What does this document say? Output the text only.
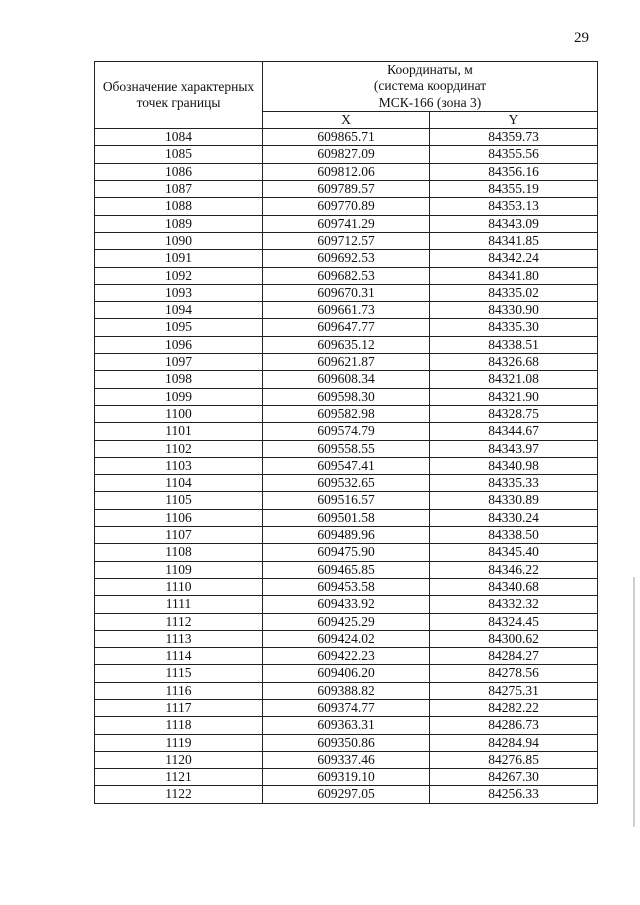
29
Обозначение характерных точек границы	Координаты, м
(система координат
МСК-166 (зона 3)	
	X	Y
1084	609865.71	84359.73
1085	609827.09	84355.56
1086	609812.06	84356.16
1087	609789.57	84355.19
1088	609770.89	84353.13
1089	609741.29	84343.09
1090	609712.57	84341.85
1091	609692.53	84342.24
1092	609682.53	84341.80
1093	609670.31	84335.02
1094	609661.73	84330.90
1095	609647.77	84335.30
1096	609635.12	84338.51
1097	609621.87	84326.68
1098	609608.34	84321.08
1099	609598.30	84321.90
1100	609582.98	84328.75
1101	609574.79	84344.67
1102	609558.55	84343.97
1103	609547.41	84340.98
1104	609532.65	84335.33
1105	609516.57	84330.89
1106	609501.58	84330.24
1107	609489.96	84338.50
1108	609475.90	84345.40
1109	609465.85	84346.22
1110	609453.58	84340.68
1111	609433.92	84332.32
1112	609425.29	84324.45
1113	609424.02	84300.62
1114	609422.23	84284.27
1115	609406.20	84278.56
1116	609388.82	84275.31
1117	609374.77	84282.22
1118	609363.31	84286.73
1119	609350.86	84284.94
1120	609337.46	84276.85
1121	609319.10	84267.30
1122	609297.05	84256.33
